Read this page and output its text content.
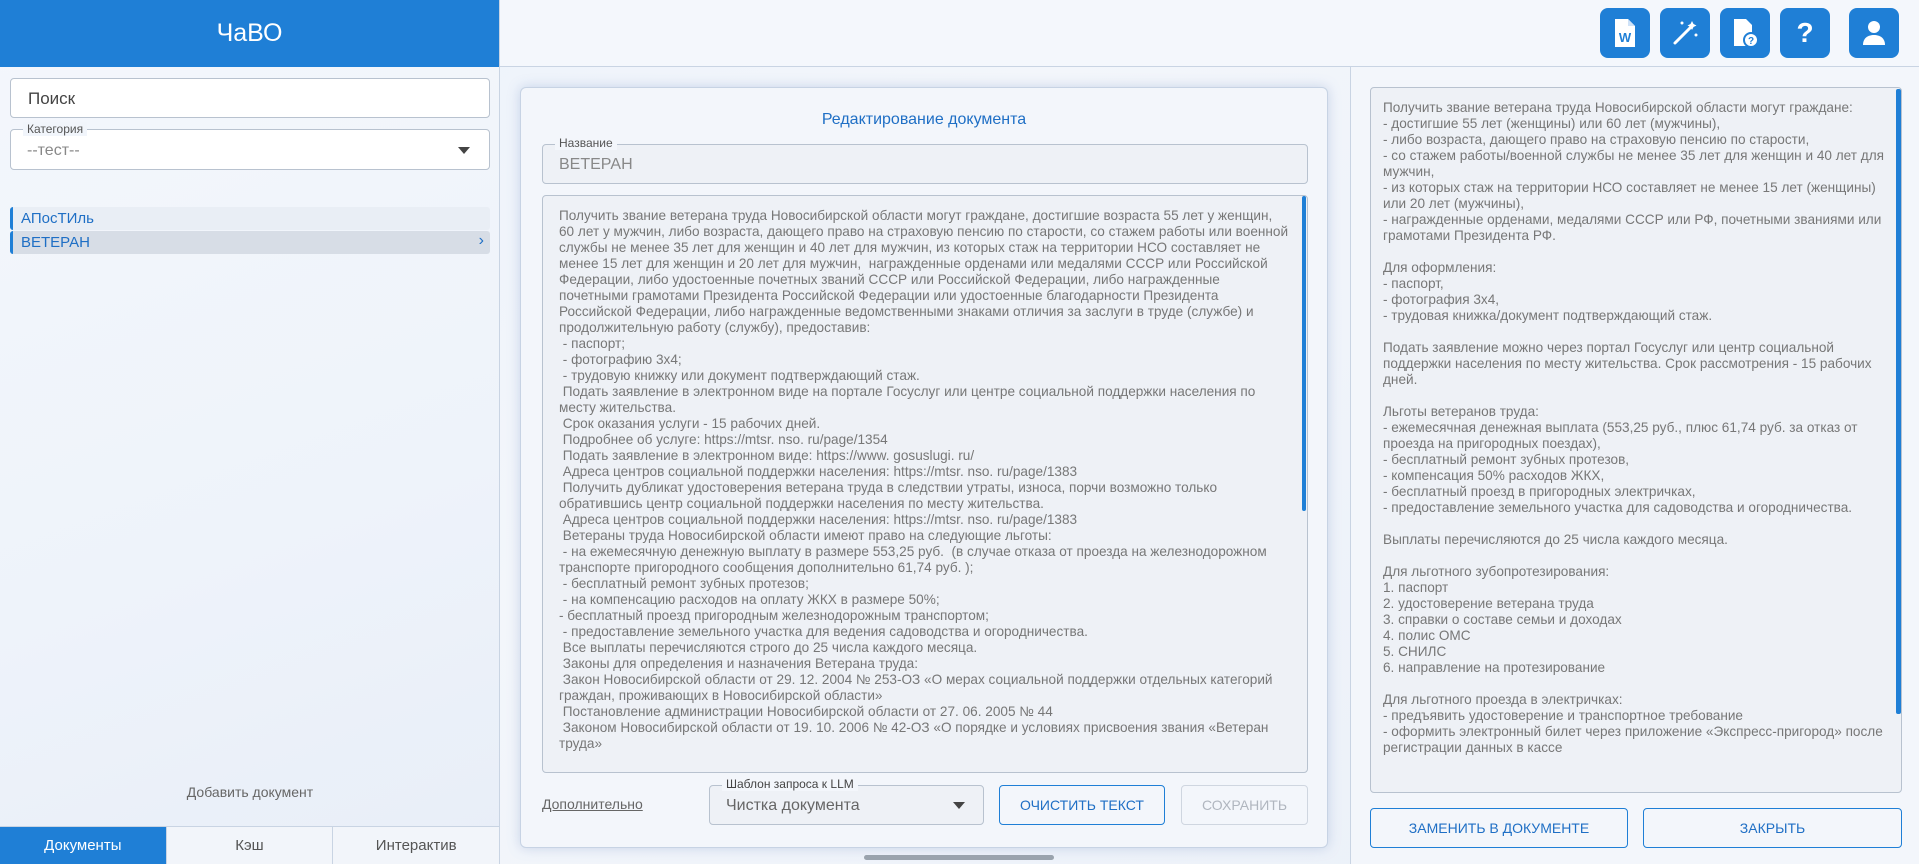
ЧаВО
Поиск
Категория
--тест--
АПосТИль
ВЕТЕРАН	›
Добавить документ
Документы	Кэш	Интерактив
W	? ?
Редактирование документа
Название
ВЕТЕРАН
Получить звание ветерана труда Новосибирской области могут граждане, достигшие возраста 55 лет у женщин, 60 лет у мужчин, либо возраста, дающего право на страховую пенсию по старости, со стажем работы или военной службы не менее 35 лет для женщин и 40 лет для мужчин, из которых стаж на территории НСО составляет не менее 15 лет для женщин и 20 лет для мужчин,  награжденные орденами или медалями СССР или Российской Федерации, либо удостоенные почетных званий СССР или Российской Федерации, либо награжденные почетными грамотами Президента Российской Федерации или удостоенные благодарности Президента Российской Федерации, либо награжденные ведомственными знаками отличия за заслуги в труде (службе) и продолжительную работу (службу), предоставив:
- паспорт;
- фотографию 3х4;
- трудовую книжку или документ подтверждающий стаж.
Подать заявление в электронном виде на портале Госуслуг или центре социальной поддержки населения по месту жительства.
Срок оказания услуги - 15 рабочих дней.
Подробнее об услуге: https://mtsr. nso. ru/page/1354
Подать заявление в электронном виде: https://www. gosuslugi. ru/
Адреса центров социальной поддержки населения: https://mtsr. nso. ru/page/1383
Получить дубликат удостоверения ветерана труда в следствии утраты, износа, порчи возможно только обратившись центр социальной поддержки населения по месту жительства.
Адреса центров социальной поддержки населения: https://mtsr. nso. ru/page/1383
Ветераны труда Новосибирской области имеют право на следующие льготы:
- на ежемесячную денежную выплату в размере 553,25 руб.  (в случае отказа от проезда на железнодорожном транспорте пригородного сообщения дополнительно 61,74 руб. );
- бесплатный ремонт зубных протезов;
- на компенсацию расходов на оплату ЖКХ в размере 50%;
- бесплатный проезд пригородным железнодорожным транспортом;
- предоставление земельного участка для ведения садоводства и огородничества.
Все выплаты перечисляются строго до 25 числа каждого месяца.
Законы для определения и назначения Ветерана труда:
Закон Новосибирской области от 29. 12. 2004 № 253-ОЗ «О мерах социальной поддержки отдельных категорий граждан, проживающих в Новосибирской области»
Постановление администрации Новосибирской области от 27. 06. 2005 № 44
Законом Новосибирской области от 19. 10. 2006 № 42-ОЗ «О порядке и условиях присвоения звания «Ветеран труда»
Дополнительно
Шаблон запроса к LLM
Чистка документа	ОЧИСТИТЬ ТЕКСТ	СОХРАНИТЬ
Получить звание ветерана труда Новосибирской области могут граждане:
- достигшие 55 лет (женщины) или 60 лет (мужчины),
- либо возраста, дающего право на страховую пенсию по старости,
- со стажем работы/военной службы не менее 35 лет для женщин и 40 лет для мужчин,
- из которых стаж на территории НСО составляет не менее 15 лет (женщины) или 20 лет (мужчины),
- награжденные орденами, медалями СССР или РФ, почетными званиями или грамотами Президента РФ.

Для оформления:
- паспорт,
- фотография 3х4,
- трудовая книжка/документ подтверждающий стаж.

Подать заявление можно через портал Госуслуг или центр социальной поддержки населения по месту жительства. Срок рассмотрения - 15 рабочих дней.

Льготы ветеранов труда:
- ежемесячная денежная выплата (553,25 руб., плюс 61,74 руб. за отказ от проезда на пригородных поездах),
- бесплатный ремонт зубных протезов,
- компенсация 50% расходов ЖКХ,
- бесплатный проезд в пригородных электричках,
- предоставление земельного участка для садоводства и огородничества.

Выплаты перечисляются до 25 числа каждого месяца.

Для льготного зубопротезирования:
1. паспорт
2. удостоверение ветерана труда
3. справки о составе семьи и доходах
4. полис ОМС
5. СНИЛС
6. направление на протезирование

Для льготного проезда в электричках:
- предъявить удостоверение и транспортное требование
- оформить электронный билет через приложение «Экспресс-пригород» после регистрации данных в кассе
ЗАМЕНИТЬ В ДОКУМЕНТЕ	ЗАКРЫТЬ
